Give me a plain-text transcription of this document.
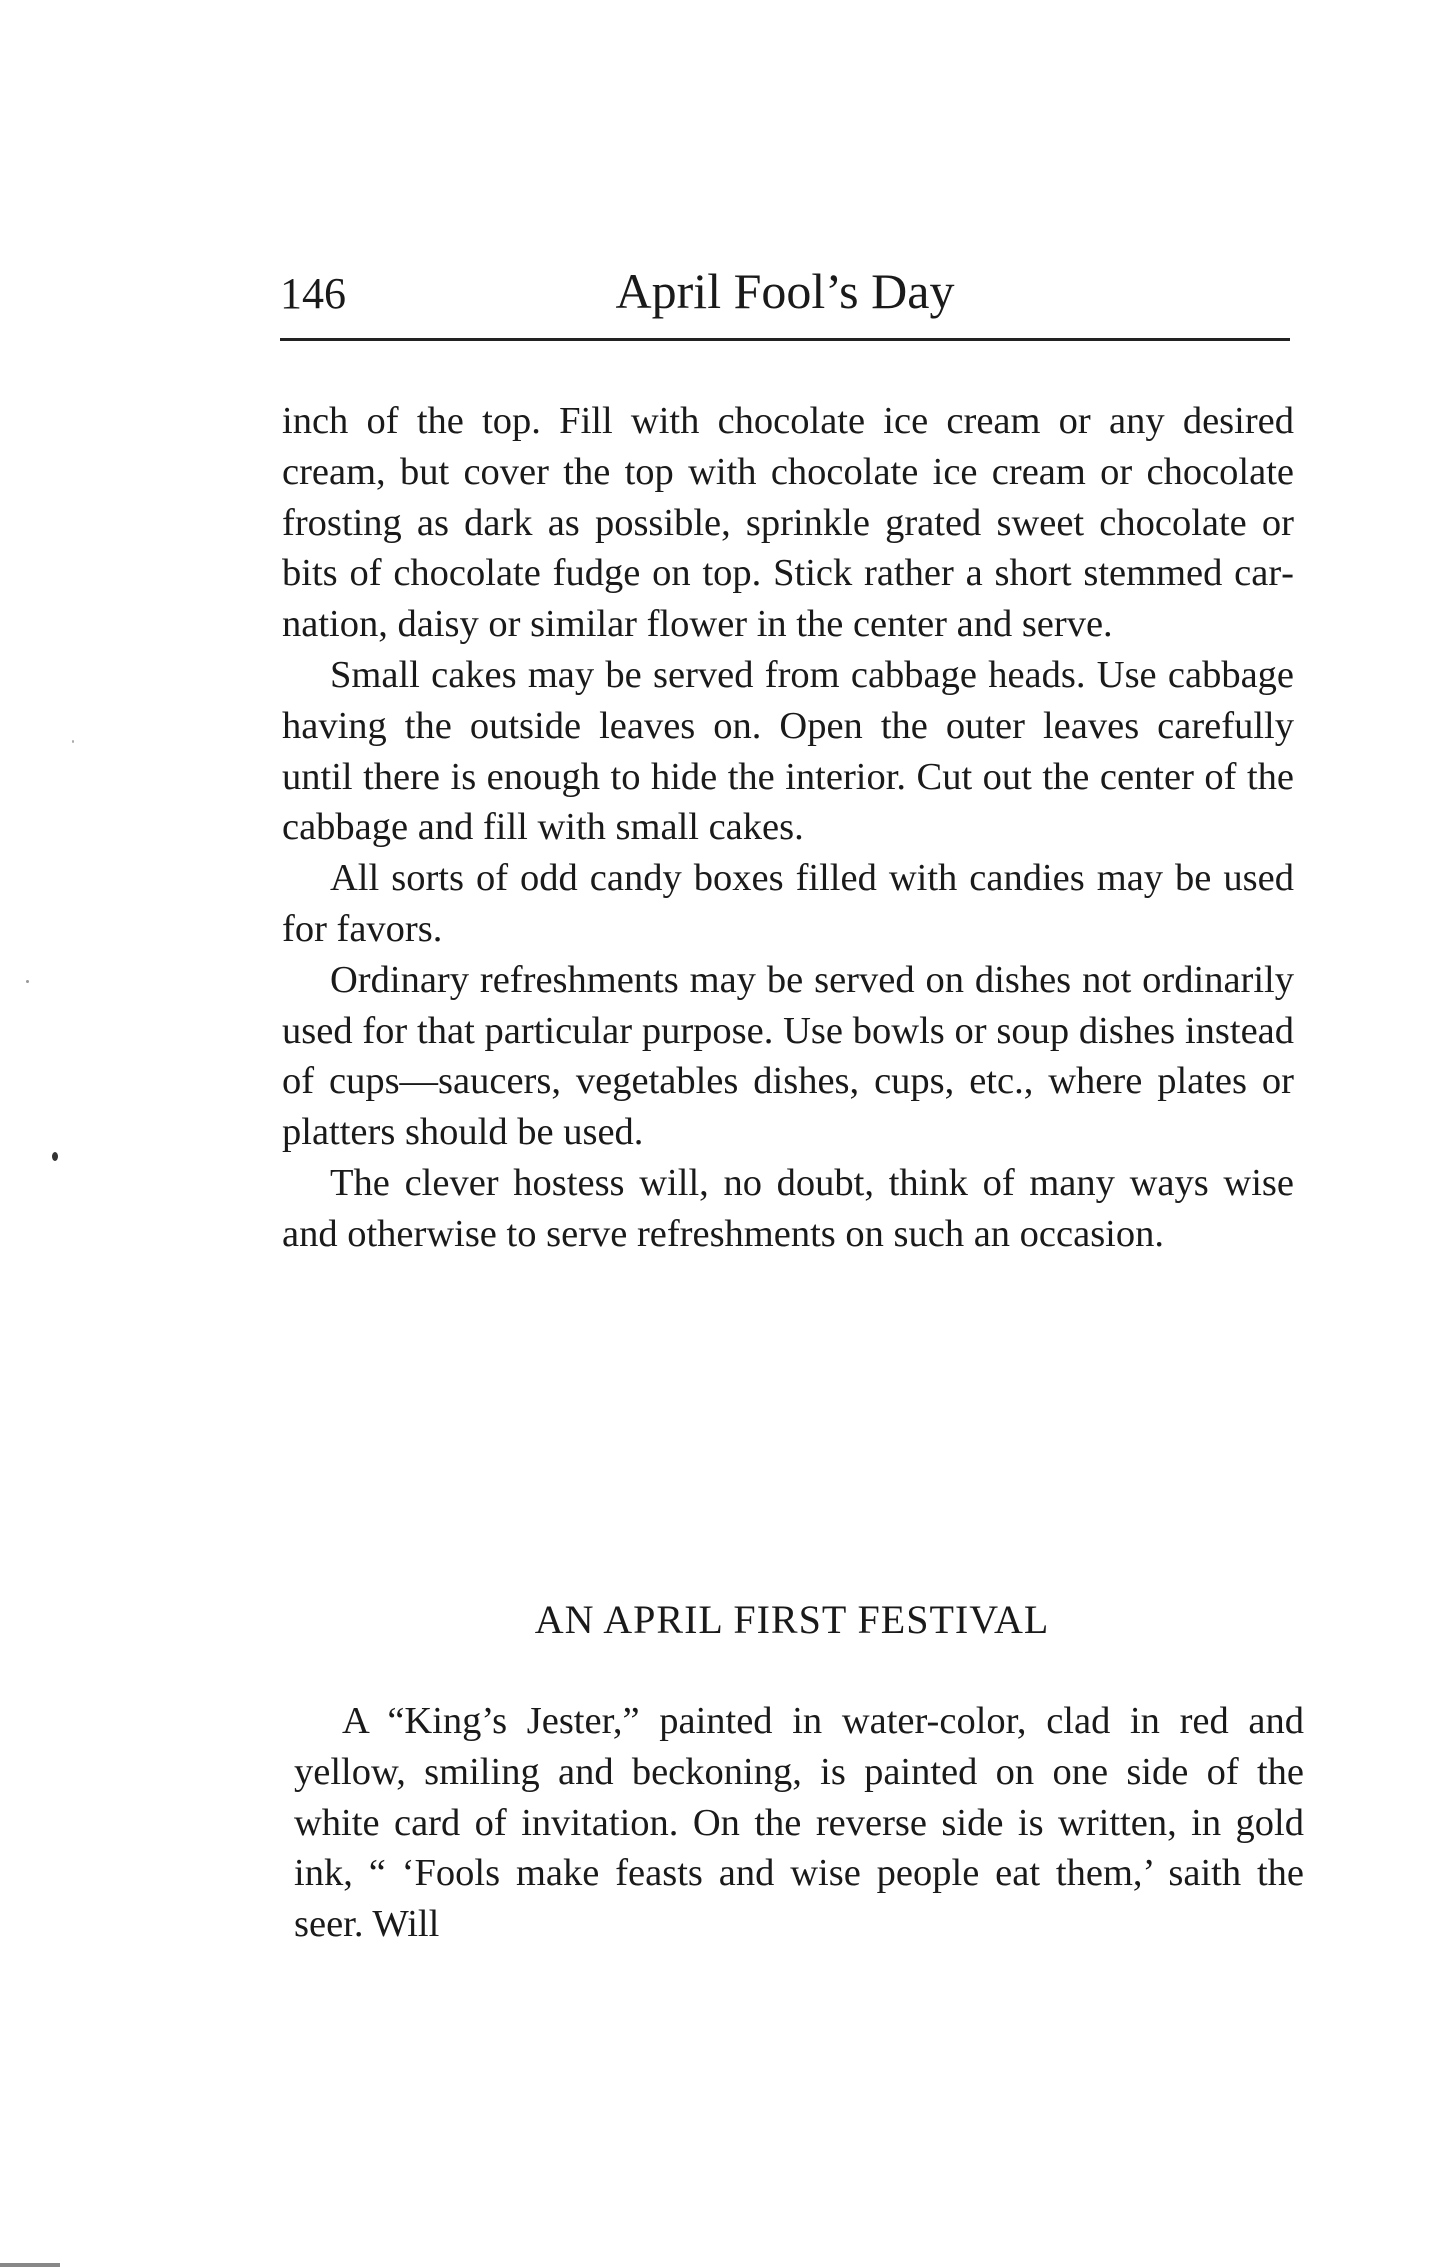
146	April Fool’s Day

inch of the top. Fill with chocolate ice cream or any desired cream, but cover the top with chocolate ice cream or chocolate frosting as dark as possible, sprinkle grated sweet chocolate or bits of chocolate fudge on top. Stick rather a short stemmed carnation, daisy or similar flower in the center and serve.

Small cakes may be served from cabbage heads. Use cabbage having the outside leaves on. Open the outer leaves carefully until there is enough to hide the interior. Cut out the center of the cabbage and fill with small cakes.

All sorts of odd candy boxes filled with candies may be used for favors.

Ordinary refreshments may be served on dishes not ordinarily used for that particular purpose. Use bowls or soup dishes instead of cups—saucers, vegetables dishes, cups, etc., where plates or platters should be used.

The clever hostess will, no doubt, think of many ways wise and otherwise to serve refreshments on such an occasion.

AN APRIL FIRST FESTIVAL

A “King’s Jester,” painted in water-color, clad in red and yellow, smiling and beckoning, is painted on one side of the white card of invitation. On the reverse side is written, in gold ink, “ ‘Fools make feasts and wise people eat them,’ saith the seer. Will
